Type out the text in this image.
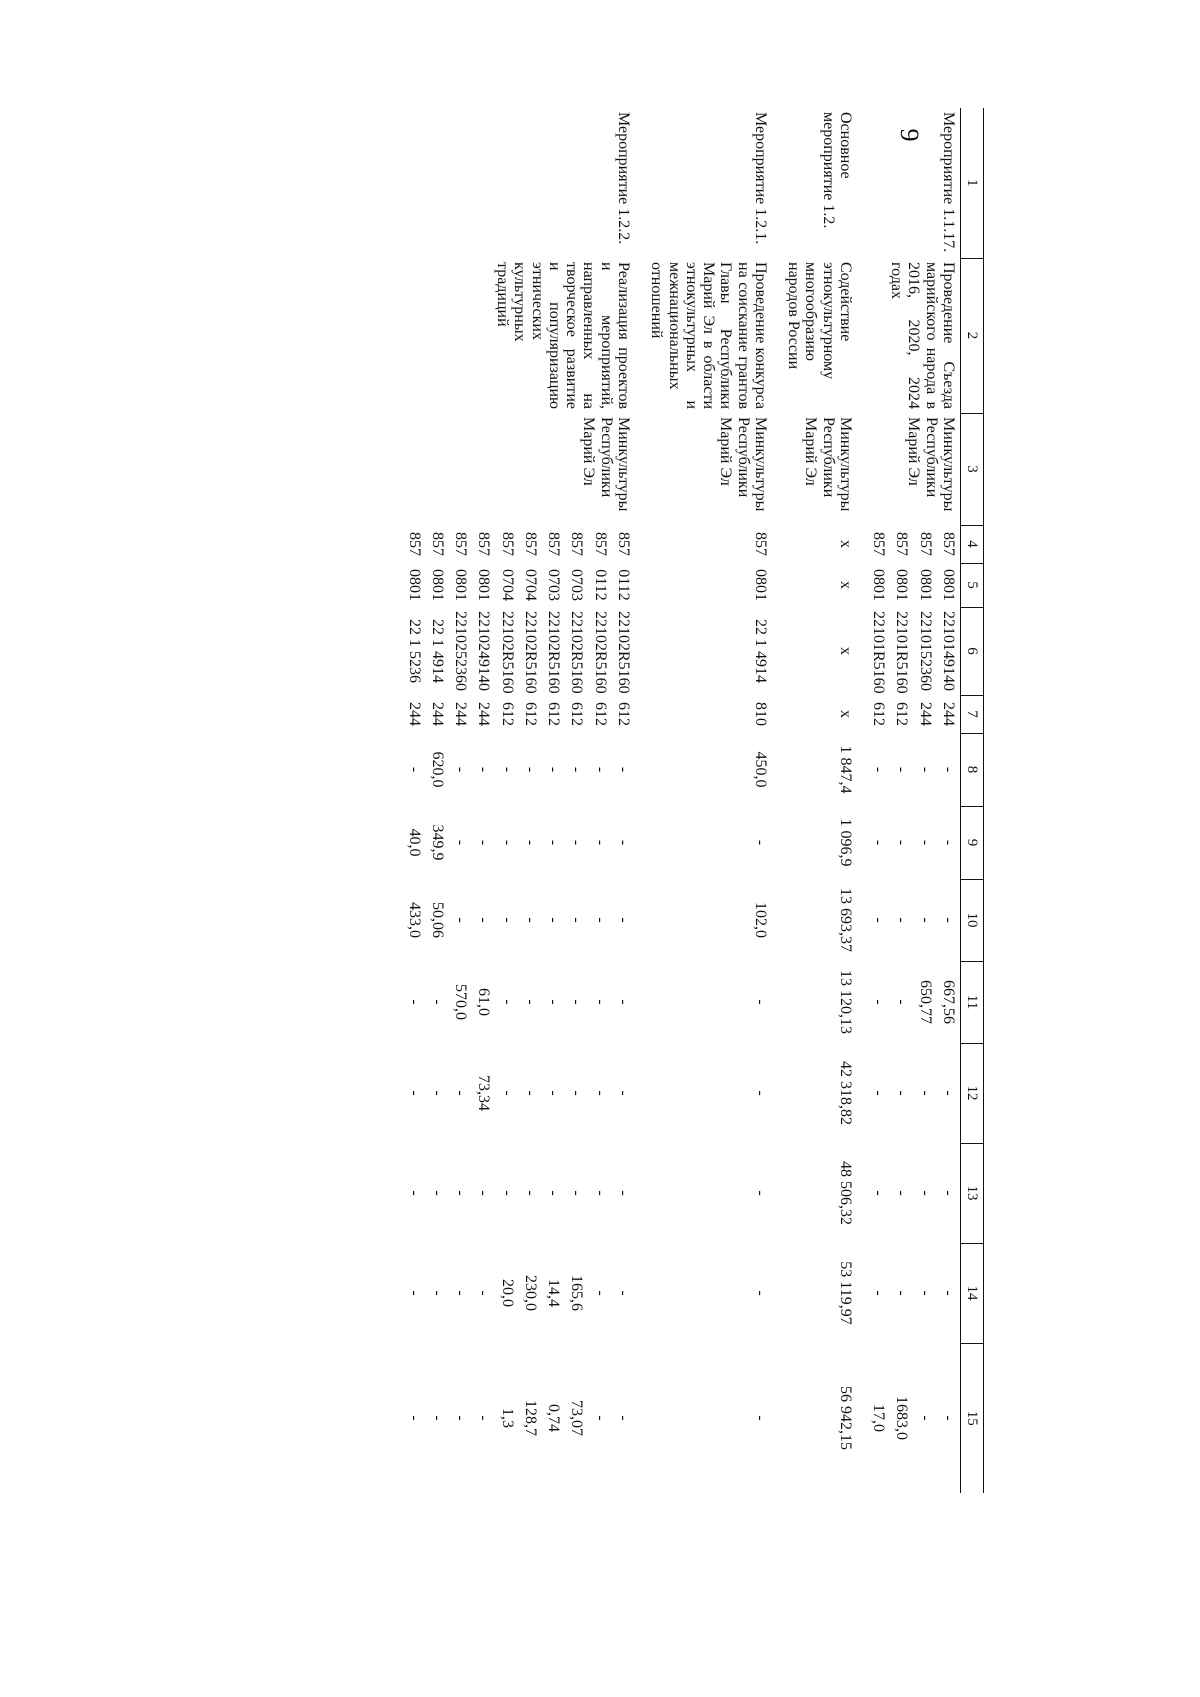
9
1	2	3	4	5	6	7	8	9	10	11	12	13	14	15
Мероприятие 1.1.17.	Проведение Съезда марийского народа в 2016, 2020, 2024 годах	Минкультуры Республики Марий Эл	857	0801	2210149140	244	-	-	-	667,56	-	-	-	-
			857	0801	2210152360	244	-	-	-	650,77	-	-	-	-
			857	0801	22101R5160	612	-	-	-	-	-	-	-	1683,0
			857	0801	22101R5160	612	-	-	-	-	-	-	-	17,0

Основное мероприятие 1.2.	Содействие этнокультурному многообразию народов России	Минкультуры Республики Марий Эл	х	х	х	х	1 847,4	1 096,9	13 693,37	13 120,13	42 318,82	48 506,32	53 119,97	56 942,15

Мероприятие 1.2.1.	Проведение конкурса на соискание грантов Главы Республики Марий Эл в области этнокультурных и межнациональных отношений	Минкультуры Республики Марий Эл	857	0801	22 1 4914	810	450,0	-	102,0	-	-	-	-	-

Мероприятие 1.2.2.	Реализация проектов и мероприятий, направленных на творческое развитие и популяризацию этнических культурных традиций	Минкультуры Республики Марий Эл	857	0112	22102R5160	612	-	-	-	-	-	-	-	-
			857	0112	22102R5160	612	-	-	-	-	-	-	-	-
			857	0703	22102R5160	612	-	-	-	-	-	-	165,6	73,07
			857	0703	22102R5160	612	-	-	-	-	-	-	14,4	0,74
			857	0704	22102R5160	612	-	-	-	-	-	-	230,0	128,7
			857	0704	22102R5160	612	-	-	-	-	-	-	20,0	1,3
			857	0801	2210249140	244	-	-	-	61,0	73,34	-	-	-
			857	0801	2210252360	244	-	-	-	570,0	-	-	-	-
			857	0801	22 1 4914	244	620,0	349,9	50,06	-	-	-	-	-
			857	0801	22 1 5236	244	-	40,0	433,0	-	-	-	-	-
